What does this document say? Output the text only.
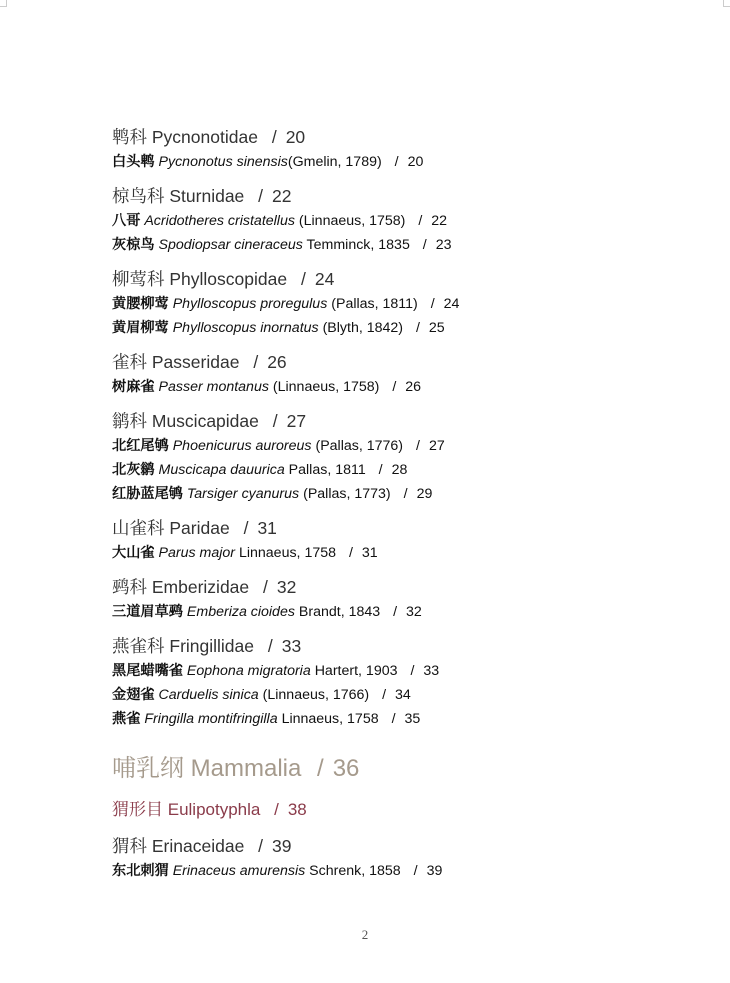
鹎科 Pycnonotidae / 20
白头鹎 Pycnonotus sinensis(Gmelin, 1789) / 20
椋鸟科 Sturnidae / 22
八哥 Acridotheres cristatellus (Linnaeus, 1758) / 22
灰椋鸟 Spodiopsar cineraceus Temminck, 1835 / 23
柳莺科 Phylloscopidae / 24
黄腰柳莺 Phylloscopus proregulus (Pallas, 1811) / 24
黄眉柳莺 Phylloscopus inornatus (Blyth, 1842) / 25
雀科 Passeridae / 26
树麻雀 Passer montanus (Linnaeus, 1758) / 26
鹟科 Muscicapidae / 27
北红尾鸲 Phoenicurus auroreus (Pallas, 1776) / 27
北灰鹟 Muscicapa dauurica Pallas, 1811 / 28
红胁蓝尾鸲 Tarsiger cyanurus (Pallas, 1773) / 29
山雀科 Paridae / 31
大山雀 Parus major Linnaeus, 1758 / 31
鹀科 Emberizidae / 32
三道眉草鹀 Emberiza cioides Brandt, 1843 / 32
燕雀科 Fringillidae / 33
黑尾蜡嘴雀 Eophona migratoria Hartert, 1903 / 33
金翅雀 Carduelis sinica (Linnaeus, 1766) / 34
燕雀 Fringilla montifringilla Linnaeus, 1758 / 35
哺乳纲 Mammalia / 36
猬形目 Eulipotyphla / 38
猬科 Erinaceidae / 39
东北刺猬 Erinaceus amurensis Schrenk, 1858 / 39
2
